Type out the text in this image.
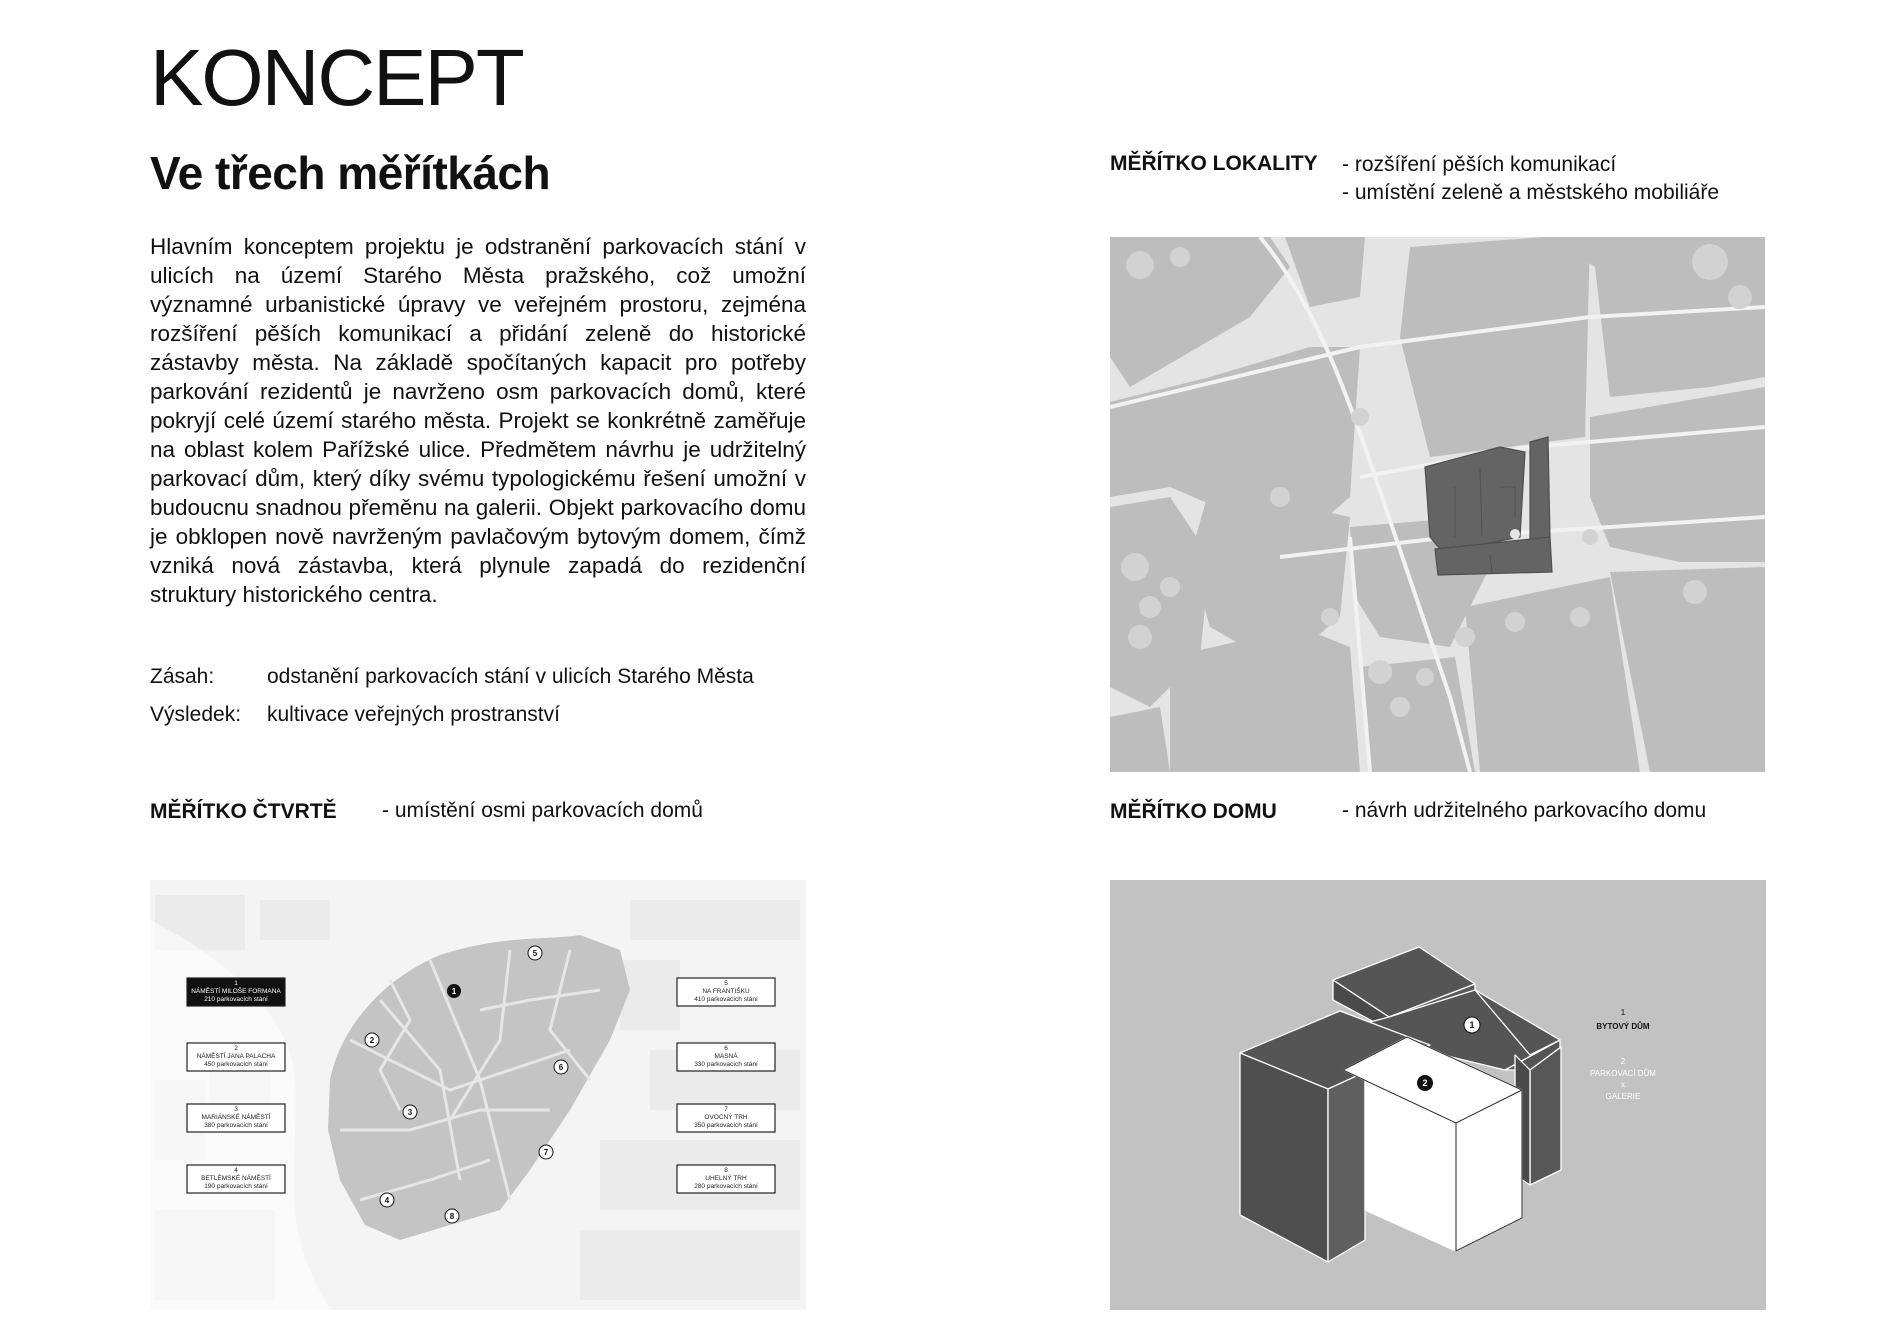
KONCEPT
Ve třech měřítkách
Hlavním konceptem projektu je odstranění parkovacích stání v ulicích na území Starého Města pražského, což umožní významné urbanistické úpravy ve veřejném prostoru, zejména rozšíření pěších komunikací a přidání zeleně do historické zástavby města. Na základě spočítaných kapacit pro potřeby parkování rezidentů je navrženo osm parkovacích domů, které pokryjí celé území starého města. Projekt se konkrétně zaměřuje na oblast kolem Pařížské ulice. Předmětem návrhu je udržitelný parkovací dům, který díky svému typologickému řešení umožní v budoucnu snadnou přeměnu na galerii. Objekt parkovacího domu je obklopen nově navrženým pavlačovým bytovým domem, čímž vzniká nová zástavba, která plynule zapadá do rezidenční struktury historického centra.
Zásah:	odstanění parkovacích stání v ulicích Starého Města
Výsledek: kultivace veřejných prostranství
MĚŘÍTKO LOKALITY - rozšíření pěších komunikací
- umístění zeleně a městského mobiliáře
MĚŘÍTKO ČTVRTĚ - umístění osmi parkovacích domů
1
NÁMĚSTÍ MILOŠE FORMANA
210 parkovacích stání
2
NÁMĚSTÍ JANA PALACHA
450 parkovacích stání
3
MARIÁNSKÉ NÁMĚSTÍ
380 parkovacích stání
4
BETLÉMSKÉ NÁMĚSTÍ
190 parkovacích stání
5
NA FRANTIŠKU
410 parkovacích stání
6
MASNÁ
330 parkovacích stání
7
OVOCNÝ TRH
350 parkovacích stání
8
UHELNÝ TRH
280 parkovacích stání
1
2
3
4
5
6
7
8
MĚŘÍTKO DOMU	- návrh udržitelného parkovacího domu
1
2
1
BYTOVÝ DŮM
2
PARKOVACÍ DŮM
x
GALERIE
